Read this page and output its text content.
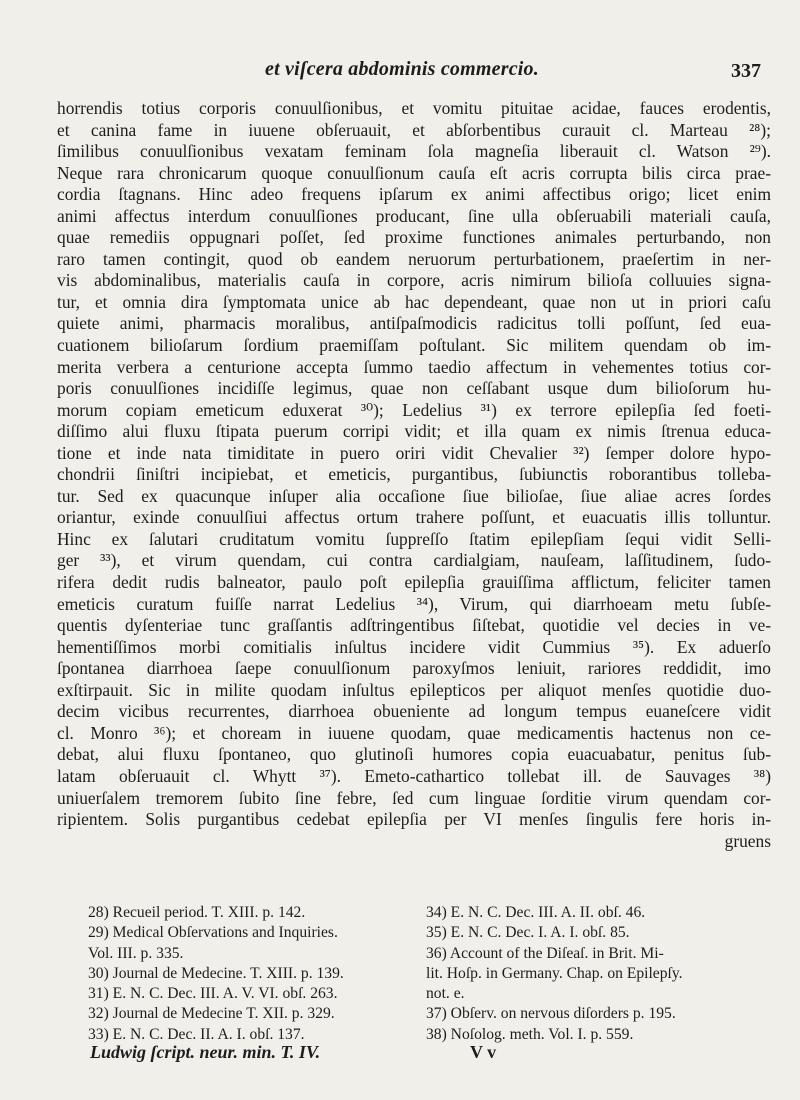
et viſcera abdominis commercio.	337
horrendis totius corporis conuulſionibus, et vomitu pituitae acidae, fauces erodentis,
et canina fame in iuuene obſeruauit, et abſorbentibus curauit cl. Marteau ²⁸);
ſimilibus conuulſionibus vexatam feminam ſola magneſia liberauit cl. Watson ²⁹).
Neque rara chronicarum quoque conuulſionum cauſa eſt acris corrupta bilis circa prae-
cordia ſtagnans. Hinc adeo frequens ipſarum ex animi affectibus origo; licet enim
animi affectus interdum conuulſiones producant, ſine ulla obſeruabili materiali cauſa,
quae remediis oppugnari poſſet, ſed proxime functiones animales perturbando, non
raro tamen contingit, quod ob eandem neruorum perturbationem, praeſertim in ner-
vis abdominalibus, materialis cauſa in corpore, acris nimirum bilioſa colluuies signa-
tur, et omnia dira ſymptomata unice ab hac dependeant, quae non ut in priori caſu
quiete animi, pharmacis moralibus, antiſpaſmodicis radicitus tolli poſſunt, ſed eua-
cuationem bilioſarum ſordium praemiſſam poſtulant. Sic militem quendam ob im-
merita verbera a centurione accepta ſummo taedio affectum in vehementes totius cor-
poris conuulſiones incidiſſe legimus, quae non ceſſabant usque dum bilioſorum hu-
morum copiam emeticum eduxerat ³⁰); Ledelius ³¹) ex terrore epilepſia ſed foeti-
diſſimo alui fluxu ſtipata puerum corripi vidit; et illa quam ex nimis ſtrenua educa-
tione et inde nata timiditate in puero oriri vidit Chevalier ³²) ſemper dolore hypo-
chondrii ſiniſtri incipiebat, et emeticis, purgantibus, ſubiunctis roborantibus tolleba-
tur. Sed ex quacunque inſuper alia occaſione ſiue bilioſae, ſiue aliae acres ſordes
oriantur, exinde conuulſiui affectus ortum trahere poſſunt, et euacuatis illis tolluntur.
Hinc ex ſalutari cruditatum vomitu ſuppreſſo ſtatim epilepſiam ſequi vidit Selli-
ger ³³), et virum quendam, cui contra cardialgiam, nauſeam, laſſitudinem, ſudo-
rifera dedit rudis balneator, paulo poſt epilepſia grauiſſima afflictum, feliciter tamen
emeticis curatum fuiſſe narrat Ledelius ³⁴), Virum, qui diarrhoeam metu ſubſe-
quentis dyſenteriae tunc graſſantis adſtringentibus ſiſtebat, quotidie vel decies in ve-
hementiſſimos morbi comitialis inſultus incidere vidit Cummius ³⁵). Ex aduerſo
ſpontanea diarrhoea ſaepe conuulſionum paroxyſmos leniuit, rariores reddidit, imo
exſtirpauit. Sic in milite quodam inſultus epilepticos per aliquot menſes quotidie duo-
decim vicibus recurrentes, diarrhoea obueniente ad longum tempus euaneſcere vidit
cl. Monro ³⁶); et choream in iuuene quodam, quae medicamentis hactenus non ce-
debat, alui fluxu ſpontaneo, quo glutinoſi humores copia euacuabatur, penitus ſub-
latam obſeruauit cl. Whytt ³⁷). Emeto-cathartico tollebat ill. de Sauvages ³⁸)
uniuerſalem tremorem ſubito ſine febre, ſed cum linguae ſorditie virum quendam cor-
ripientem. Solis purgantibus cedebat epilepſia per VI menſes ſingulis fere horis in-
gruens
28) Recueil period. T. XIII. p. 142.
29) Medical Obſervations and Inquiries.
Vol. III. p. 335.
30) Journal de Medecine. T. XIII. p. 139.
31) E. N. C. Dec. III. A. V. VI. obſ. 263.
32) Journal de Medecine T. XII. p. 329.
33) E. N. C. Dec. II. A. I. obſ. 137.
34) E. N. C. Dec. III. A. II. obſ. 46.
35) E. N. C. Dec. I. A. I. obſ. 85.
36) Account of the Diſeaſ. in Brit. Mi-
lit. Hoſp. in Germany. Chap. on Epilepſy.
not. e.
37) Obſerv. on nervous diſorders p. 195.
38) Noſolog. meth. Vol. I. p. 559.
Ludwig ſcript. neur. min. T. IV.	V v
